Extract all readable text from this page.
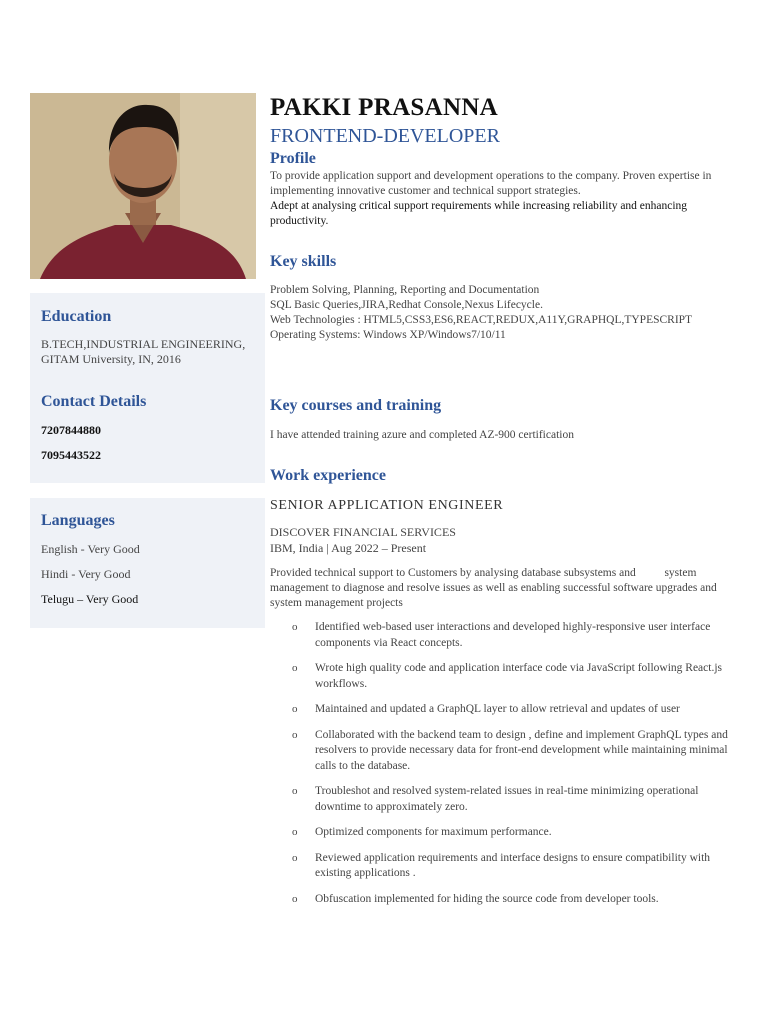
Education
B.TECH,INDUSTRIAL ENGINEERING, GITAM University, IN, 2016
Contact Details
7207844880
7095443522
Languages
English - Very Good
Hindi - Very Good
Telugu – Very Good
PAKKI PRASANNA
FRONTEND-DEVELOPER
Profile
To provide application support and development operations to the company. Proven expertise in implementing innovative customer and technical support strategies.
Adept at analysing critical support requirements while increasing reliability and enhancing productivity.
Key skills
Problem Solving, Planning, Reporting and Documentation
SQL Basic Queries,JIRA,Redhat Console,Nexus Lifecycle.
Web Technologies : HTML5,CSS3,ES6,REACT,REDUX,A11Y,GRAPHQL,TYPESCRIPT
Operating Systems: Windows XP/Windows7/10/11
Key courses and training
I have attended training azure and completed AZ-900 certification
Work experience
SENIOR APPLICATION ENGINEER
DISCOVER FINANCIAL SERVICES
IBM, India | Aug 2022 – Present
Provided technical support to Customers by analysing database subsystems and          system management to diagnose and resolve issues as well as enabling successful software upgrades and system management projects
o Identified web-based user interactions and developed highly-responsive user interface components via React concepts.
o Wrote high quality code and application interface code via JavaScript following React.js workflows.
o Maintained and updated a GraphQL layer to allow retrieval and updates of user
o Collaborated with the backend team to design , define and implement GraphQL types and resolvers to provide necessary data for front-end development while maintaining minimal calls to the database.
o Troubleshot and resolved system-related issues in real-time minimizing operational downtime to approximately zero.
o Optimized components for maximum performance.
o Reviewed application requirements and interface designs to ensure compatibility with existing applications .
o Obfuscation implemented for hiding the source code from developer tools.
